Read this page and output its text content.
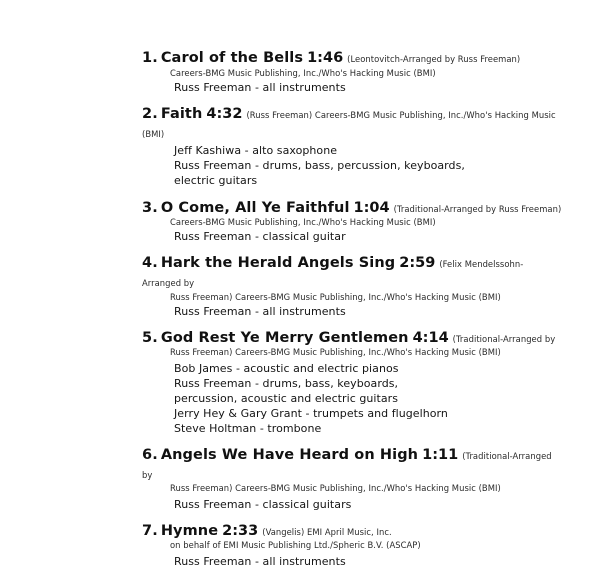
1. Carol of the Bells 1:46 (Leontovitch-Arranged by Russ Freeman)
Careers-BMG Music Publishing, Inc./Who's Hacking Music (BMI)
Russ Freeman - all instruments
2. Faith 4:32 (Russ Freeman) Careers-BMG Music Publishing, Inc./Who's Hacking Music (BMI)
Jeff Kashiwa - alto saxophone
Russ Freeman - drums, bass, percussion, keyboards,
electric guitars
3. O Come, All Ye Faithful 1:04 (Traditional-Arranged by Russ Freeman)
Careers-BMG Music Publishing, Inc./Who's Hacking Music (BMI)
Russ Freeman - classical guitar
4. Hark the Herald Angels Sing 2:59 (Felix Mendelssohn-Arranged by
Russ Freeman) Careers-BMG Music Publishing, Inc./Who's Hacking Music (BMI)
Russ Freeman - all instruments
5. God Rest Ye Merry Gentlemen 4:14 (Traditional-Arranged by
Russ Freeman) Careers-BMG Music Publishing, Inc./Who's Hacking Music (BMI)
Bob James - acoustic and electric pianos
Russ Freeman - drums, bass, keyboards,
percussion, acoustic and electric guitars
Jerry Hey & Gary Grant - trumpets and flugelhorn
Steve Holtman - trombone
6. Angels We Have Heard on High 1:11 (Traditional-Arranged by
Russ Freeman) Careers-BMG Music Publishing, Inc./Who's Hacking Music (BMI)
Russ Freeman - classical guitars
7. Hymne 2:33 (Vangelis) EMI April Music, Inc.
on behalf of EMI Music Publishing Ltd./Spheric B.V. (ASCAP)
Russ Freeman - all instruments
